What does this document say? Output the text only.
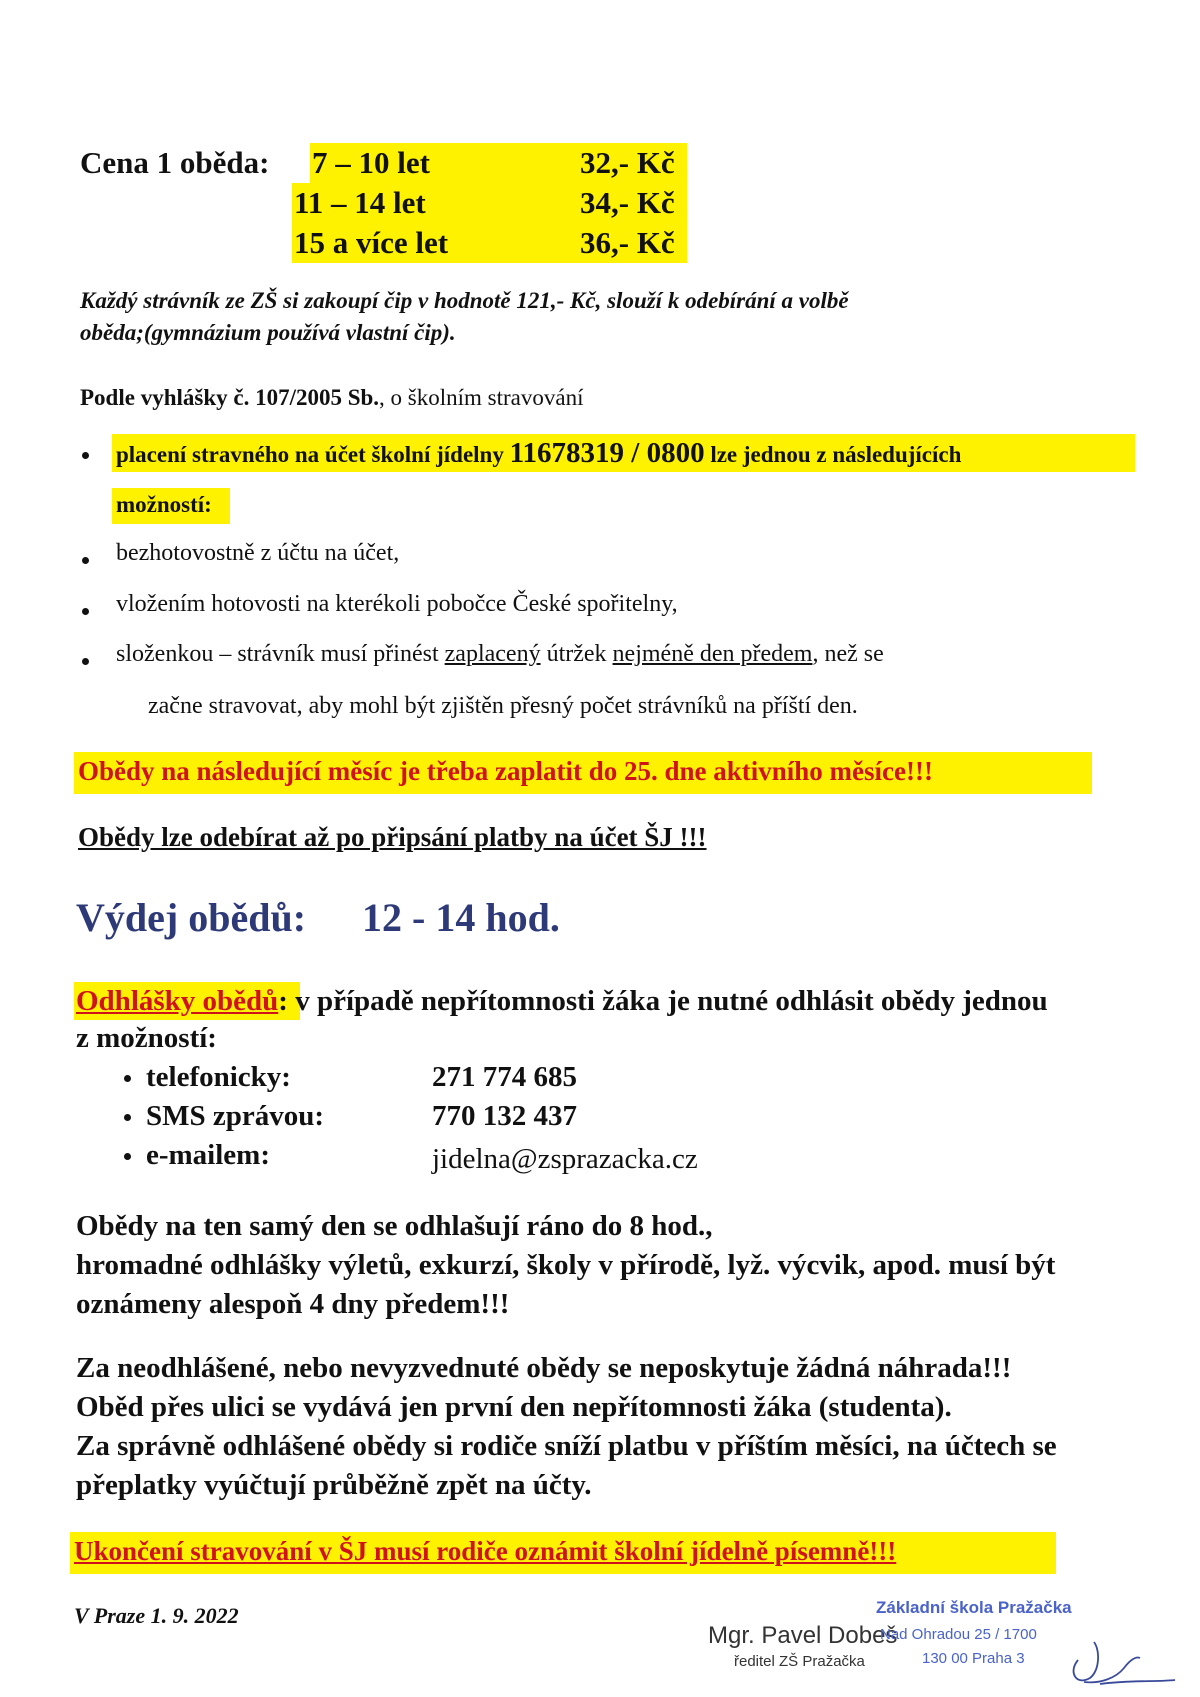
Cena 1 oběda: 7 – 10 let	32,- Kč
11 – 14 let	34,- Kč
15 a více let	36,- Kč
Každý strávník ze ZŠ si zakoupí čip v hodnotě 121,- Kč, slouží k odebírání a volbě
oběda;(gymnázium používá vlastní čip).
Podle vyhlášky č. 107/2005 Sb., o školním stravování
placení stravného na účet školní jídelny 11678319 / 0800 lze jednou z následujících
možností:
bezhotovostně z účtu na účet,
vložením hotovosti na kterékoli pobočce České spořitelny,
složenkou – strávník musí přinést zaplacený útržek nejméně den předem, než se
začne stravovat, aby mohl být zjištěn přesný počet strávníků na příští den.
Obědy na následující měsíc je třeba zaplatit do 25. dne aktivního měsíce!!!
Obědy lze odebírat až po připsání platby na účet ŠJ !!!
Výdej obědů: 12 - 14 hod.
Odhlášky obědů: v případě nepřítomnosti žáka je nutné odhlásit obědy jednou
z možností:
telefonicky:	271 774 685
SMS zprávou:	770 132 437
e-mailem:	jidelna@zsprazacka.cz
Obědy na ten samý den se odhlašují ráno do 8 hod.,
hromadné odhlášky výletů, exkurzí, školy v přírodě, lyž. výcvik, apod. musí být
oznámeny alespoň 4 dny předem!!!
Za neodhlášené, nebo nevyzvednuté obědy se neposkytuje žádná náhrada!!!
Oběd přes ulici se vydává jen první den nepřítomnosti žáka (studenta).
Za správně odhlášené obědy si rodiče sníží platbu v příštím měsíci, na účtech se
přeplatky vyúčtují průběžně zpět na účty.
Ukončení stravování v ŠJ musí rodiče oznámit školní jídelně písemně!!!
V Praze 1. 9. 2022
Mgr. Pavel Dobeš
ředitel ZŠ Pražačka
Základní škola Pražačka
Nad Ohradou 25 / 1700
130 00 Praha 3
